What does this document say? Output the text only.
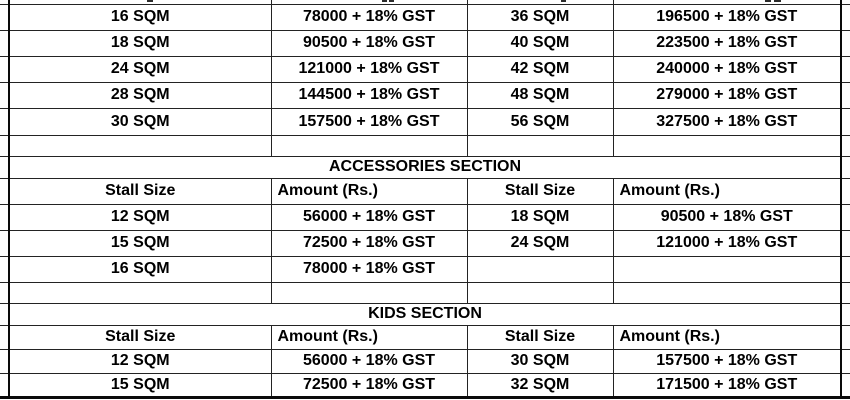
	16 SQM	78000 + 18% GST	36 SQM	196500 + 18% GST	
	18 SQM	90500 + 18% GST	40 SQM	223500 + 18% GST	
	24 SQM	121000 + 18% GST	42 SQM	240000 + 18% GST	
	28 SQM	144500 + 18% GST	48 SQM	279000 + 18% GST	
	30 SQM	157500 + 18% GST	56 SQM	327500 + 18% GST	

	ACCESSORIES SECTION				
	Stall Size	Amount (Rs.)	Stall Size	Amount (Rs.)	
	12 SQM	56000 + 18% GST	18 SQM	90500 + 18% GST	
	15 SQM	72500 + 18% GST	24 SQM	121000 + 18% GST	
	16 SQM	78000 + 18% GST			

	KIDS SECTION				
	Stall Size	Amount (Rs.)	Stall Size	Amount (Rs.)	
	12 SQM	56000 + 18% GST	30 SQM	157500 + 18% GST	
	15 SQM	72500 + 18% GST	32 SQM	171500 + 18% GST	
